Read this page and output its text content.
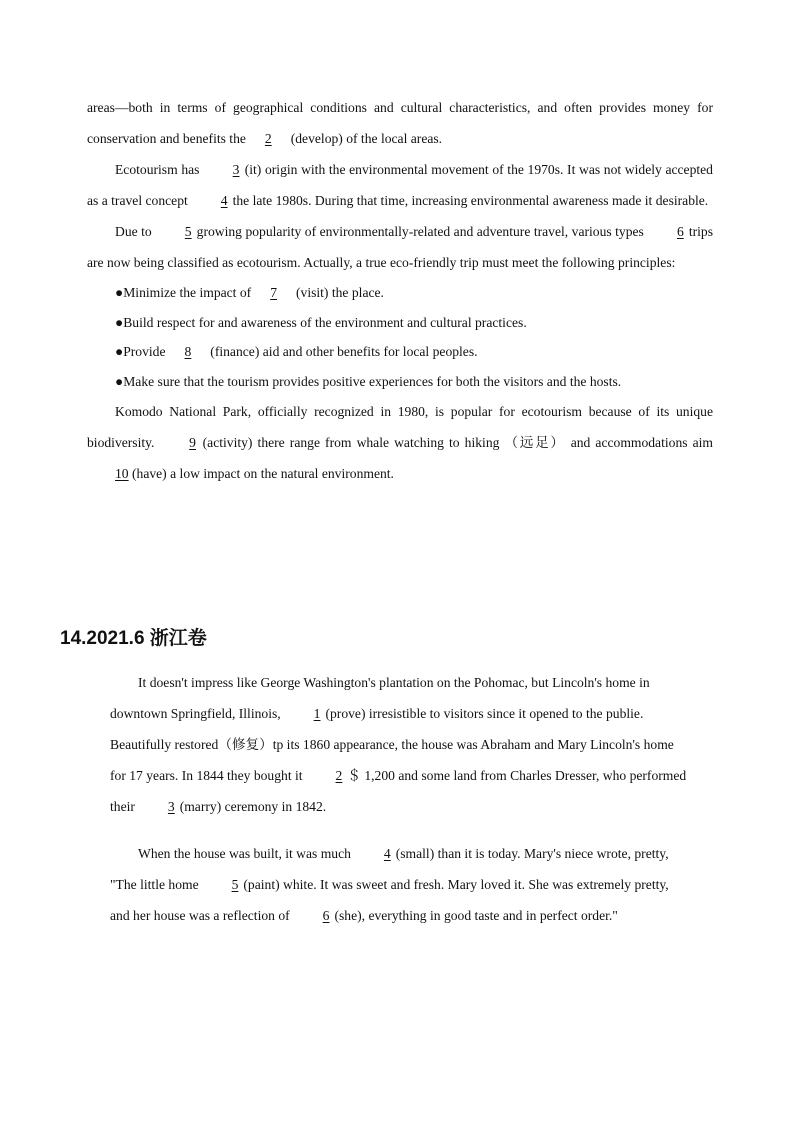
areas—both in terms of geographical conditions and cultural characteristics, and often provides money for conservation and benefits the 2 (develop) of the local areas.

Ecotourism has 3 (it) origin with the environmental movement of the 1970s. It was not widely accepted as a travel concept 4 the late 1980s. During that time, increasing environmental awareness made it desirable.

Due to 5 growing popularity of environmentally-related and adventure travel, various types 6 trips are now being classified as ecotourism. Actually, a true eco-friendly trip must meet the following principles:

●Minimize the impact of 7 (visit) the place.

●Build respect for and awareness of the environment and cultural practices.

●Provide 8 (finance) aid and other benefits for local peoples.

●Make sure that the tourism provides positive experiences for both the visitors and the hosts.

Komodo National Park, officially recognized in 1980, is popular for ecotourism because of its unique biodiversity. 9 (activity) there range from whale watching to hiking （远足） and accommodations aim 10 (have) a low impact on the natural environment.

14.2021.6 浙江卷

It doesn't impress like George Washington's plantation on the Pohomac, but Lincoln's home in downtown Springfield, Illinois, 1 (prove) irresistible to visitors since it opened to the publie. Beautifully restored（修复）tp its 1860 appearance, the house was Abraham and Mary Lincoln's home for 17 years. In 1844 they bought it 2 ＄ 1,200 and some land from Charles Dresser, who performed their 3 (marry) ceremony in 1842.

When the house was built, it was much 4 (small) than it is today. Mary's niece wrote, pretty, "The little home 5 (paint) white. It was sweet and fresh. Mary loved it. She was extremely pretty, and her house was a reflection of 6 (she), everything in good taste and in perfect order."
